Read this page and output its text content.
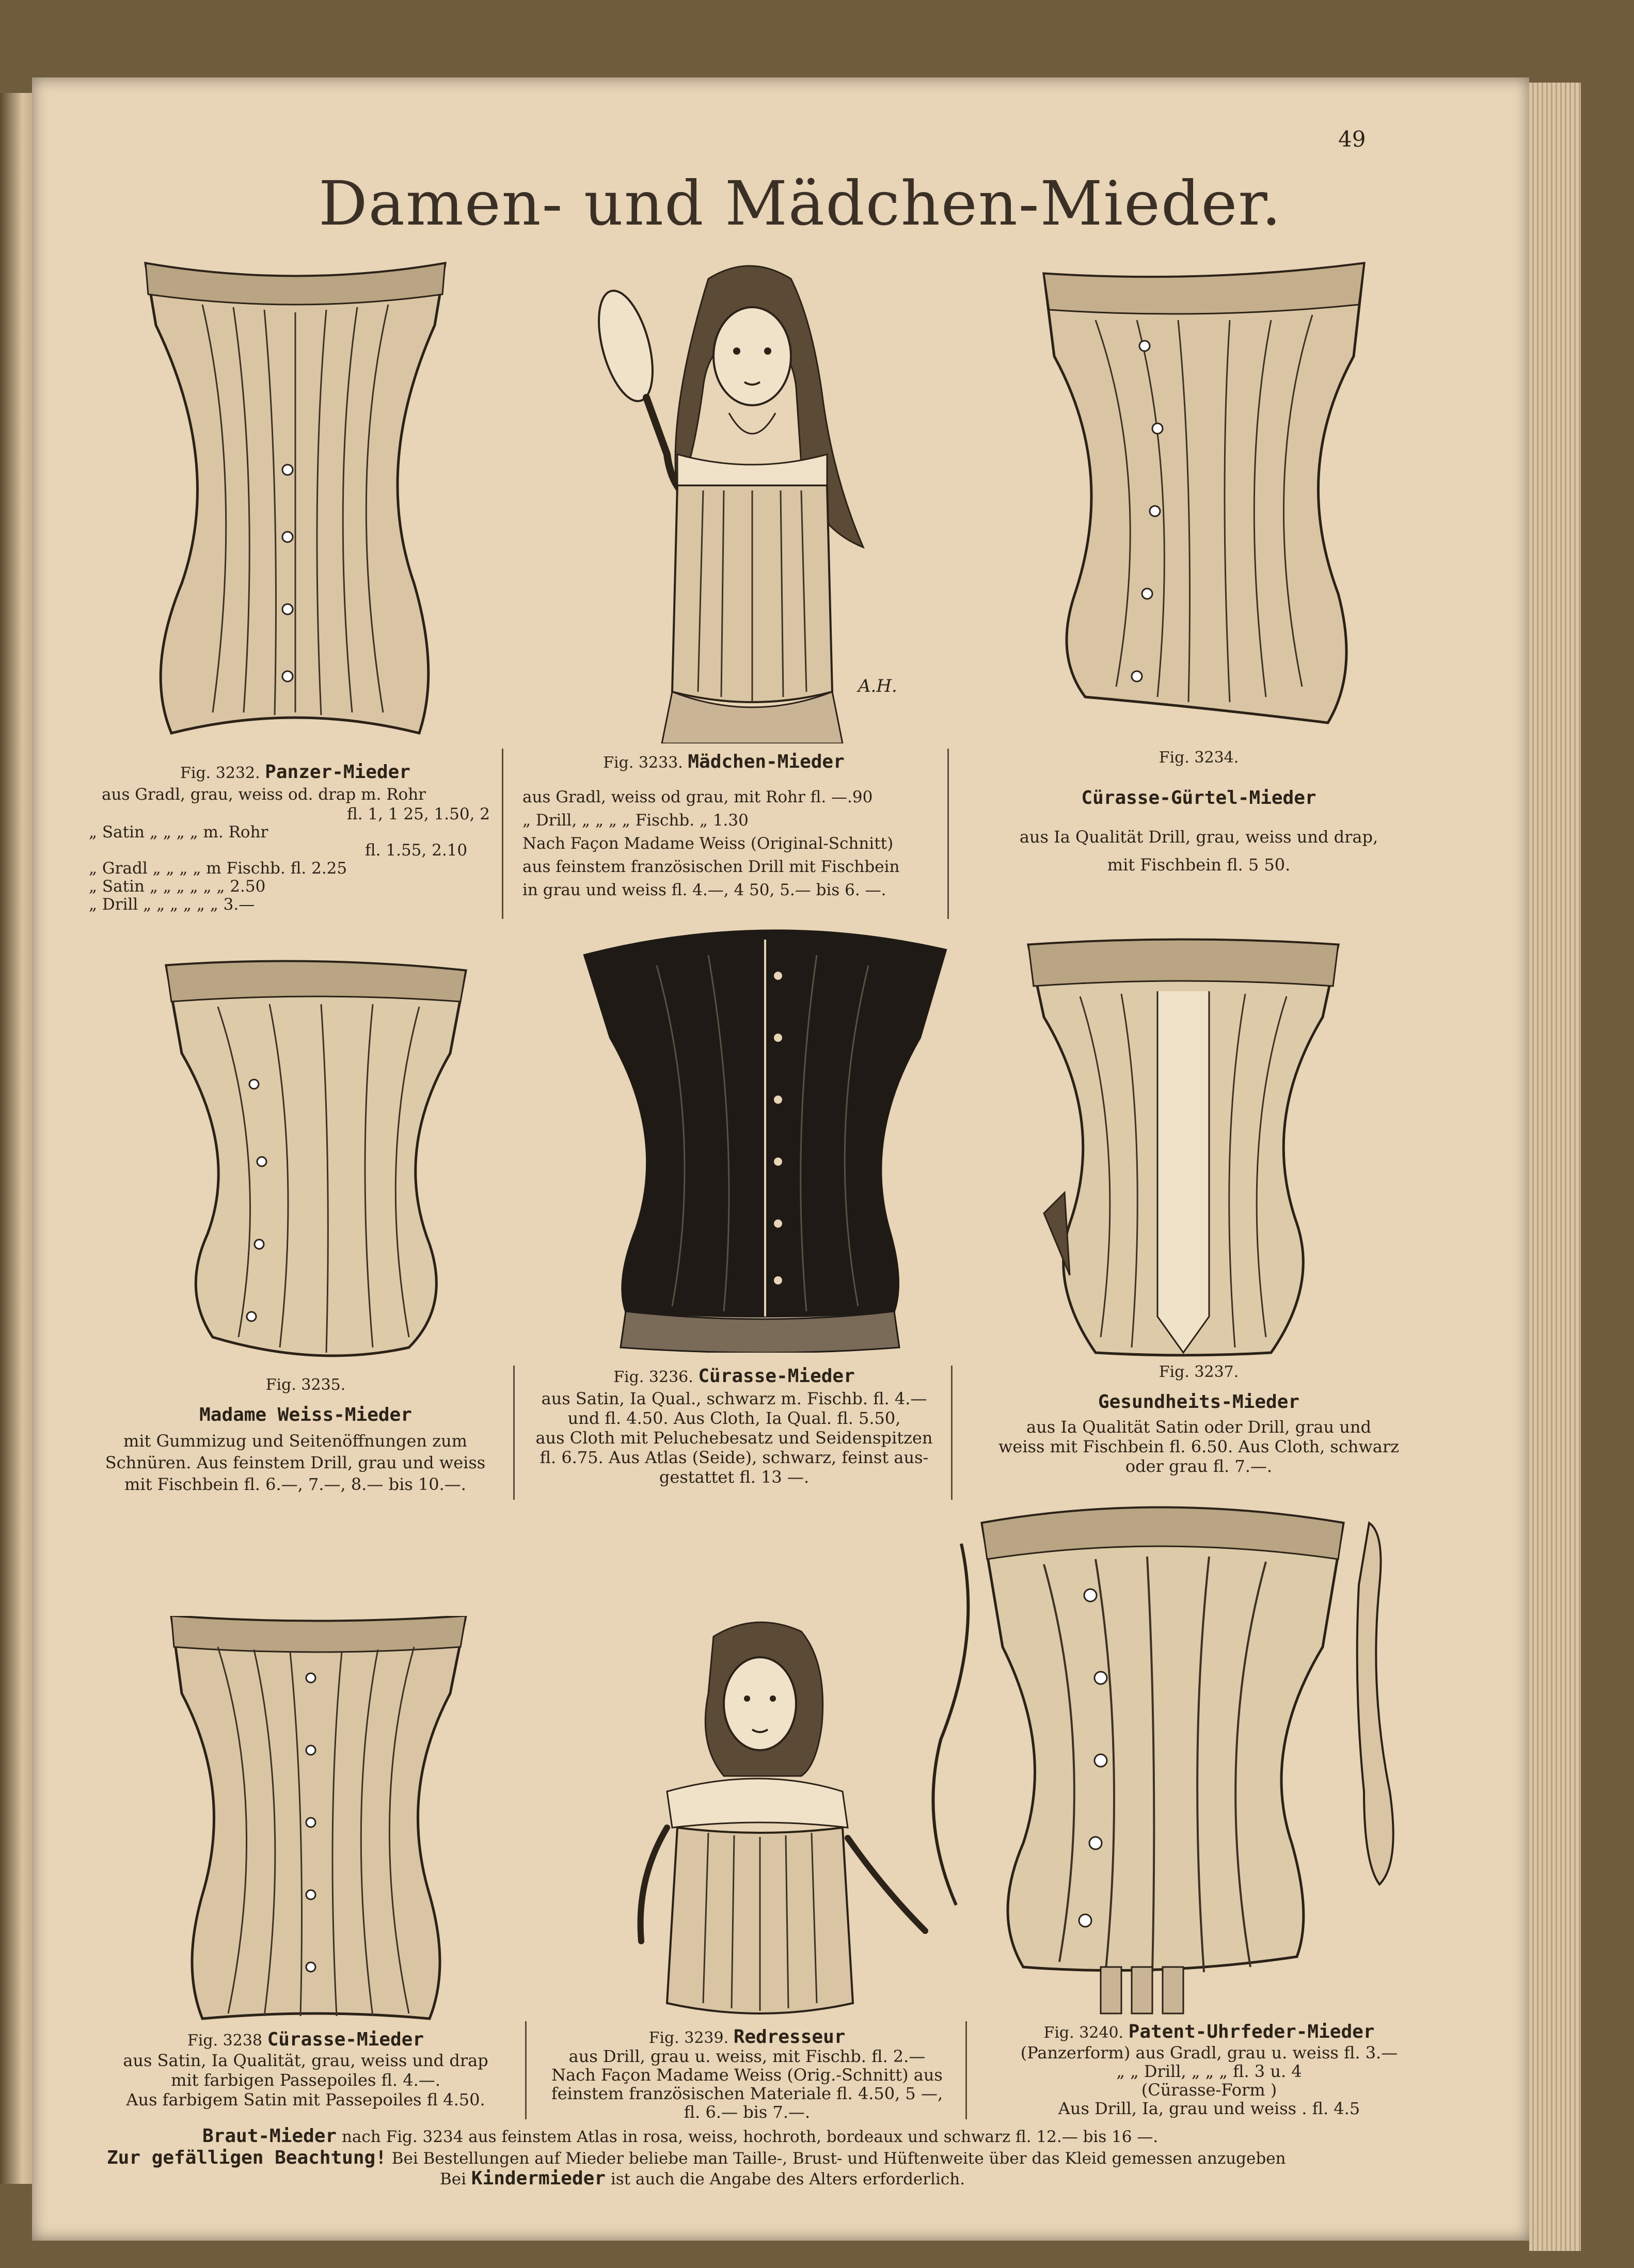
49
Damen- und Mädchen-Mieder.
A.H.
Fig. 3232. Panzer-Mieder
aus Gradl, grau, weiss od. drap m. Rohr
fl. 1, 1 25, 1.50, 2
„ Satin „ „ „ „ m. Rohr
fl. 1.55, 2.10
„ Gradl „ „ „ „ m Fischb. fl. 2.25
„ Satin „ „ „ „ „ „ 2.50
„ Drill „ „ „ „ „ „ 3.—
Fig. 3233. Mädchen-Mieder
aus Gradl, weiss od grau, mit Rohr fl. —.90
„ Drill, „ „ „ „ Fischb. „ 1.30
Nach Façon Madame Weiss (Original-Schnitt)
aus feinstem französischen Drill mit Fischbein
in grau und weiss fl. 4.—, 4 50, 5.— bis 6. —.
Fig. 3234.
Cürasse-Gürtel-Mieder
aus Ia Qualität Drill, grau, weiss und drap,
mit Fischbein fl. 5 50.
Fig. 3235.
Madame Weiss-Mieder
mit Gummizug und Seitenöffnungen zum
Schnüren. Aus feinstem Drill, grau und weiss
mit Fischbein fl. 6.—, 7.—, 8.— bis 10.—.
Fig. 3236. Cürasse-Mieder
aus Satin, Ia Qual., schwarz m. Fischb. fl. 4.—
und fl. 4.50. Aus Cloth, Ia Qual. fl. 5.50,
aus Cloth mit Peluchebesatz und Seidenspitzen
fl. 6.75. Aus Atlas (Seide), schwarz, feinst aus-
gestattet fl. 13 —.
Fig. 3237.
Gesundheits-Mieder
aus Ia Qualität Satin oder Drill, grau und
weiss mit Fischbein fl. 6.50. Aus Cloth, schwarz
oder grau fl. 7.—.
Fig. 3238 Cürasse-Mieder
aus Satin, Ia Qualität, grau, weiss und drap
mit farbigen Passepoiles fl. 4.—.
Aus farbigem Satin mit Passepoiles fl 4.50.
Fig. 3239. Redresseur
aus Drill, grau u. weiss, mit Fischb. fl. 2.—
Nach Façon Madame Weiss (Orig.-Schnitt) aus
feinstem französischen Materiale fl. 4.50, 5 —,
fl. 6.— bis 7.—.
Fig. 3240. Patent-Uhrfeder-Mieder
(Panzerform) aus Gradl, grau u. weiss fl. 3.—
„ „ Drill, „ „ „ fl. 3 u. 4
(Cürasse-Form )
Aus Drill, Ia, grau und weiss . fl. 4.5
Braut-Mieder nach Fig. 3234 aus feinstem Atlas in rosa, weiss, hochroth, bordeaux und schwarz fl. 12.— bis 16 —.
Zur gefälligen Beachtung! Bei Bestellungen auf Mieder beliebe man Taille-, Brust- und Hüftenweite über das Kleid gemessen anzugeben
Bei Kindermieder ist auch die Angabe des Alters erforderlich.
